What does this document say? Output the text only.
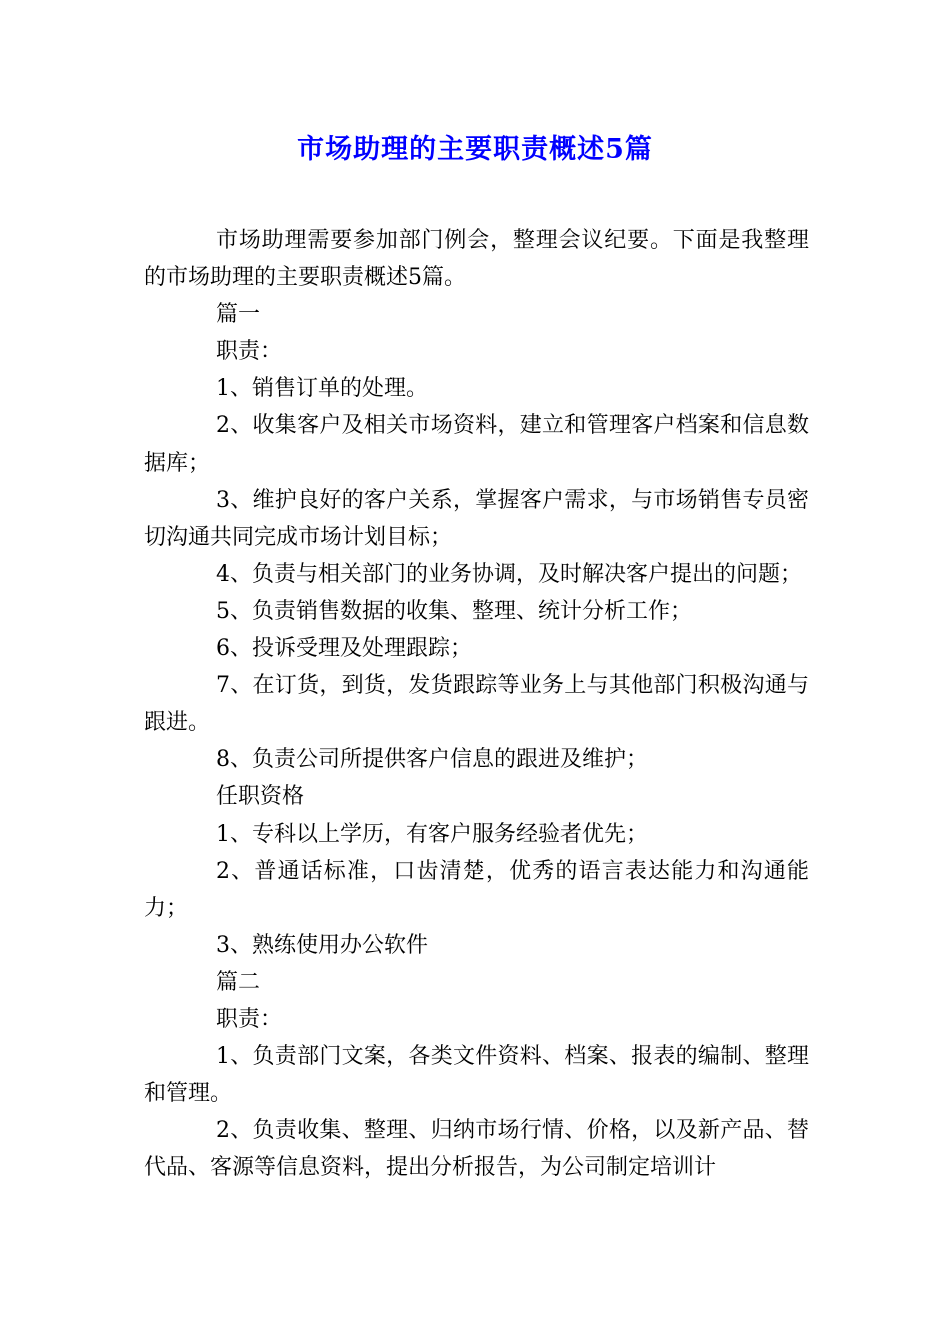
市场助理的主要职责概述5篇

市场助理需要参加部门例会，整理会议纪要。下面是我整理的市场助理的主要职责概述5篇。

篇一

职责：

1、销售订单的处理。

2、收集客户及相关市场资料，建立和管理客户档案和信息数据库；

3、维护良好的客户关系，掌握客户需求，与市场销售专员密切沟通共同完成市场计划目标；

4、负责与相关部门的业务协调，及时解决客户提出的问题；

5、负责销售数据的收集、整理、统计分析工作；

6、投诉受理及处理跟踪；

7、在订货，到货，发货跟踪等业务上与其他部门积极沟通与跟进。

8、负责公司所提供客户信息的跟进及维护；

任职资格

1、专科以上学历，有客户服务经验者优先；

2、普通话标准，口齿清楚，优秀的语言表达能力和沟通能力；

3、熟练使用办公软件

篇二

职责：

1、负责部门文案，各类文件资料、档案、报表的编制、整理和管理。

2、负责收集、整理、归纳市场行情、价格，以及新产品、替代品、客源等信息资料，提出分析报告，为公司制定培训计
